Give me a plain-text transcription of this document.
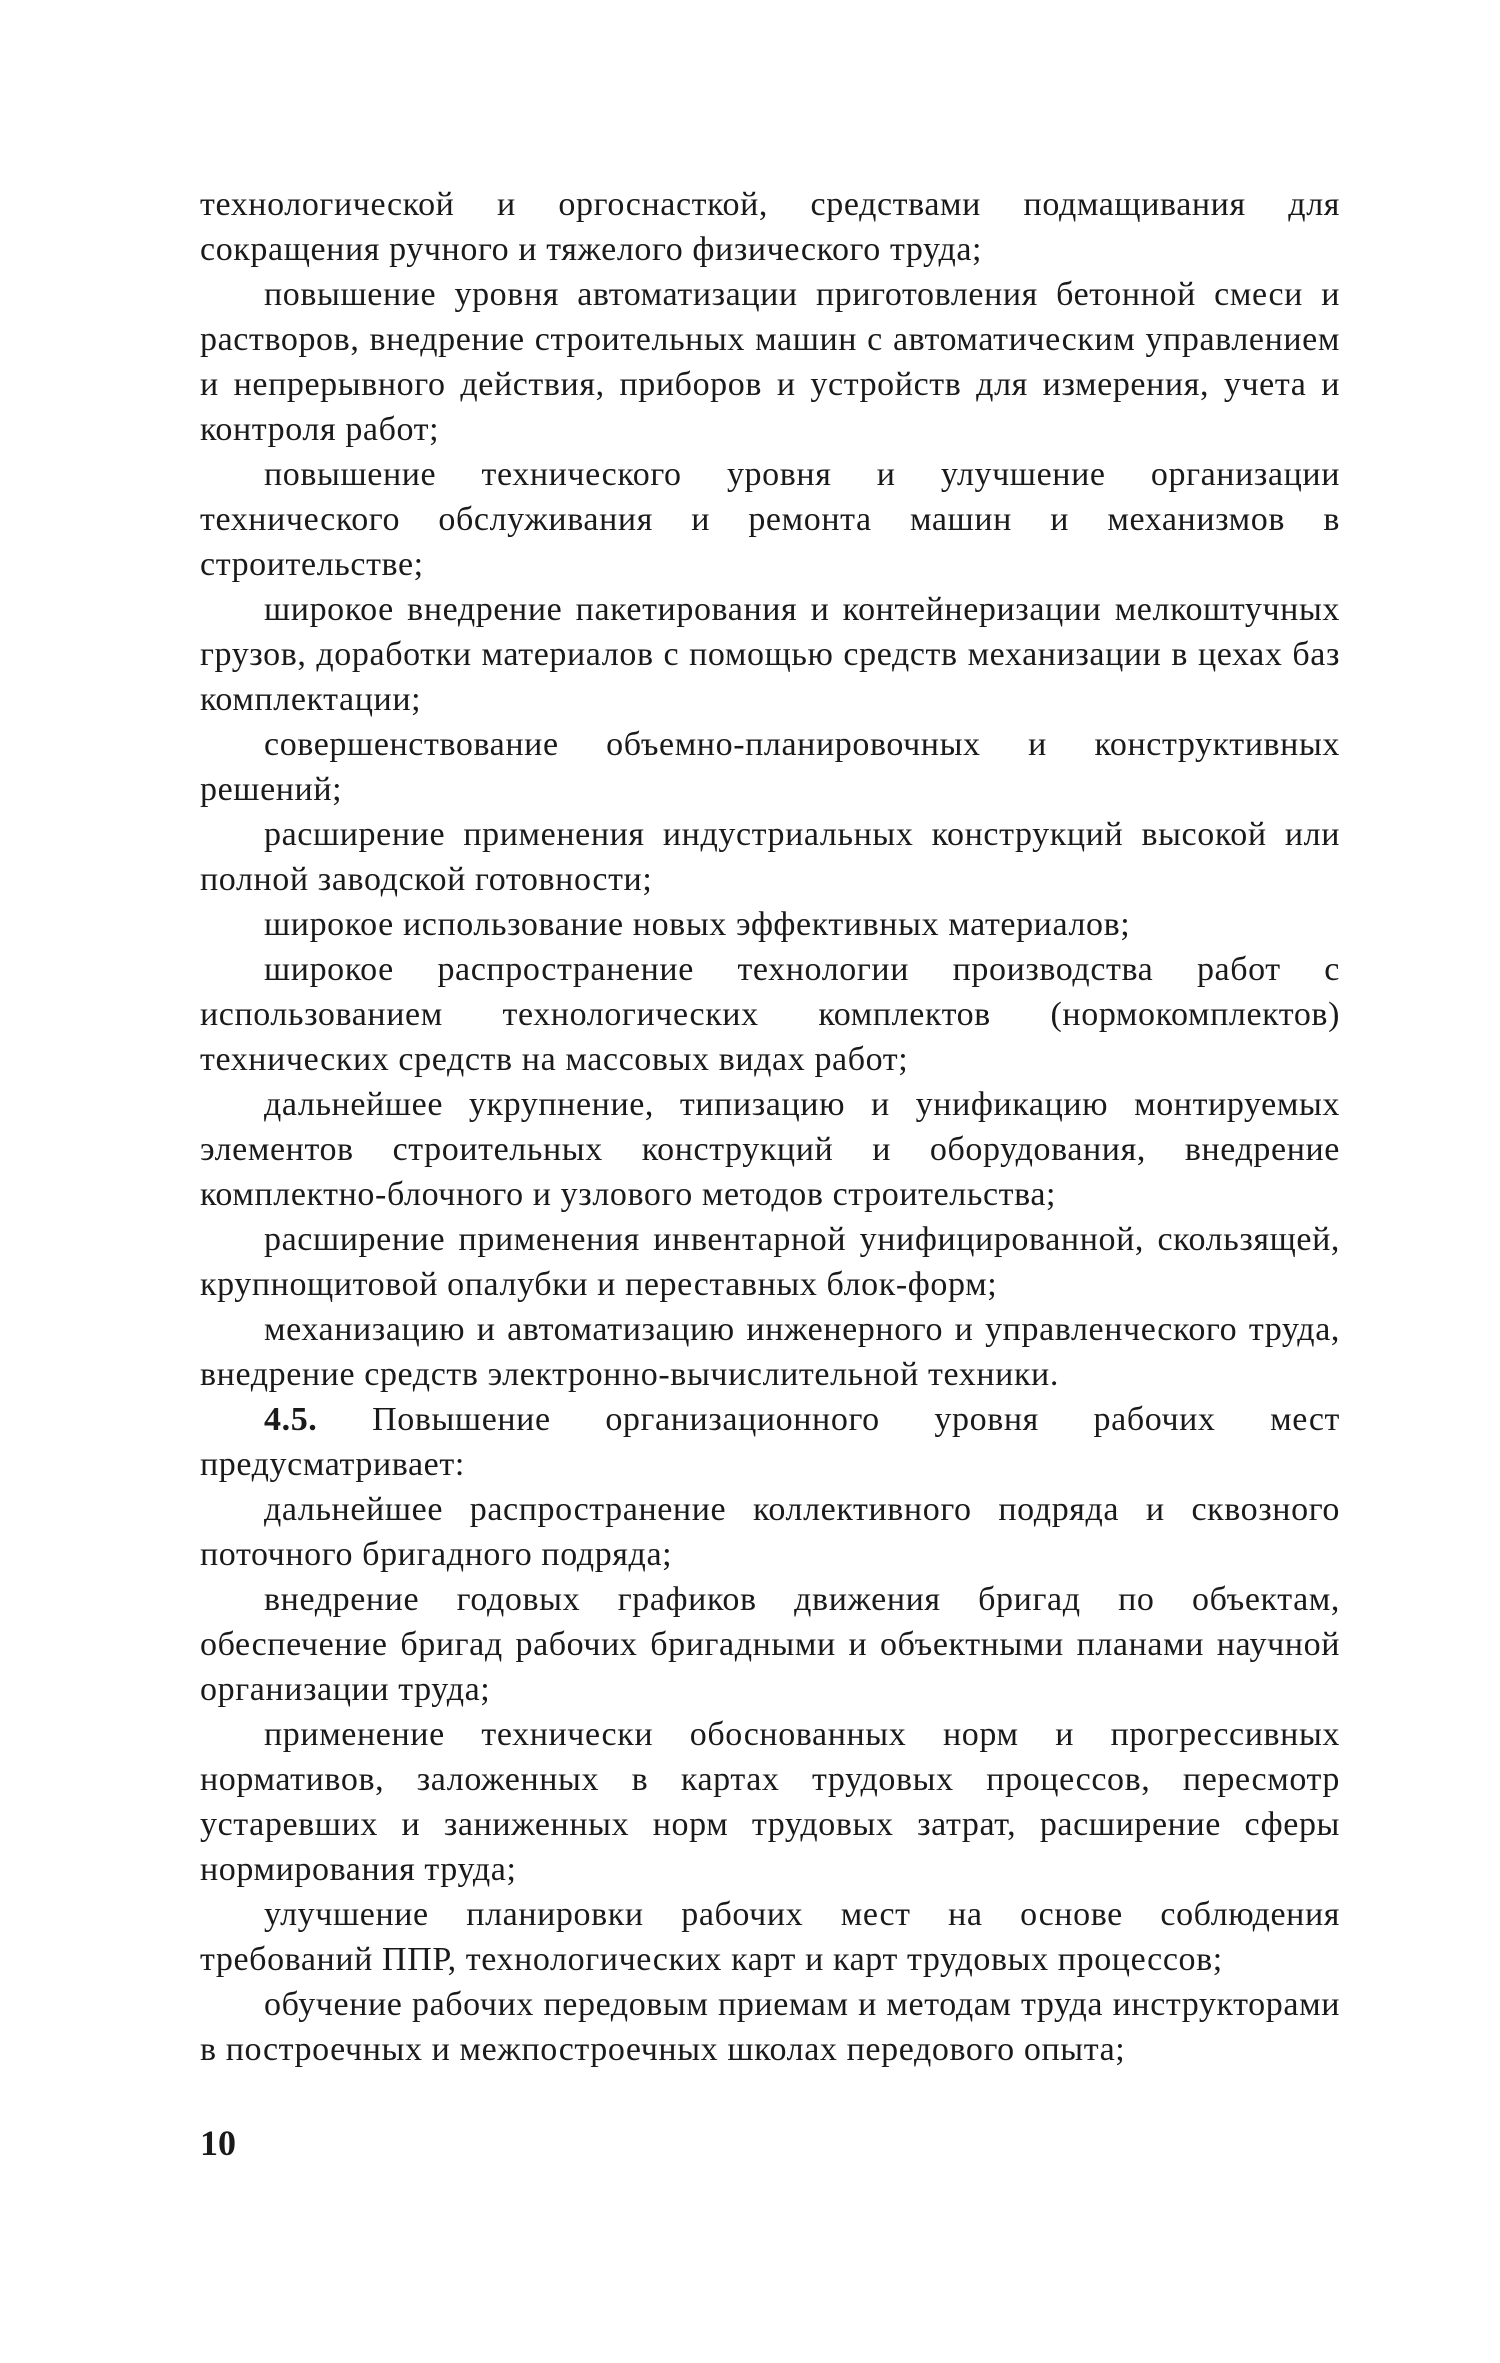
технологической и оргоснасткой, средствами подмащивания для сокращения ручного и тяжелого физического труда;

повышение уровня автоматизации приготовления бетонной смеси и растворов, внедрение строительных машин с автоматическим управлением и непрерывного действия, приборов и устройств для измерения, учета и контроля работ;

повышение технического уровня и улучшение организации технического обслуживания и ремонта машин и механизмов в строительстве;

широкое внедрение пакетирования и контейнеризации мелкоштучных грузов, доработки материалов с помощью средств механизации в цехах баз комплектации;

совершенствование объемно-планировочных и конструктивных решений;

расширение применения индустриальных конструкций высокой или полной заводской готовности;

широкое использование новых эффективных материалов;

широкое распространение технологии производства работ с использованием технологических комплектов (нормокомплектов) технических средств на массовых видах работ;

дальнейшее укрупнение, типизацию и унификацию монтируемых элементов строительных конструкций и оборудования, внедрение комплектно-блочного и узлового методов строительства;

расширение применения инвентарной унифицированной, скользящей, крупнощитовой опалубки и переставных блок-форм;

механизацию и автоматизацию инженерного и управленческого труда, внедрение средств электронно-вычислительной техники.

4.5. Повышение организационного уровня рабочих мест предусматривает:

дальнейшее распространение коллективного подряда и сквозного поточного бригадного подряда;

внедрение годовых графиков движения бригад по объектам, обеспечение бригад рабочих бригадными и объектными планами научной организации труда;

применение технически обоснованных норм и прогрессивных нормативов, заложенных в картах трудовых процессов, пересмотр устаревших и заниженных норм трудовых затрат, расширение сферы нормирования труда;

улучшение планировки рабочих мест на основе соблюдения требований ППР, технологических карт и карт трудовых процессов;

обучение рабочих передовым приемам и методам труда инструкторами в построечных и межпостроечных школах передового опыта;

10
